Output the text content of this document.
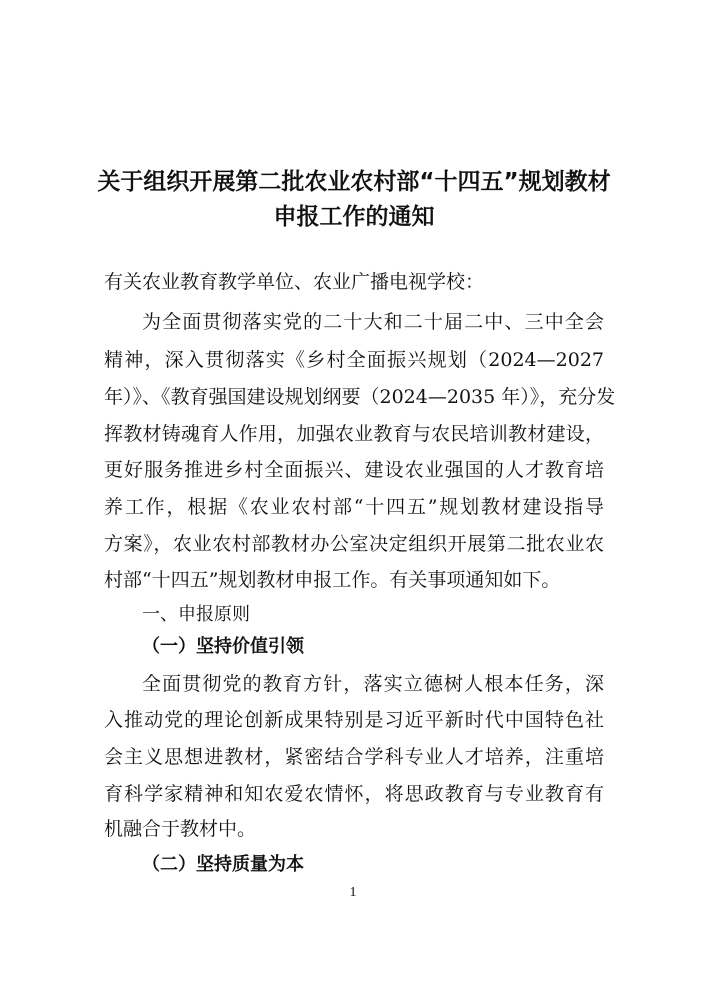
关于组织开展第二批农业农村部“十四五”规划教材
申报工作的通知
有关农业教育教学单位、农业广播电视学校：
为全面贯彻落实党的二十大和二十届二中、三中全会
精神，深入贯彻落实《乡村全面振兴规划（2024—2027
年）》、《教育强国建设规划纲要（2024—2035 年）》，充分发
挥教材铸魂育人作用，加强农业教育与农民培训教材建设，
更好服务推进乡村全面振兴、建设农业强国的人才教育培
养工作，根据《农业农村部“十四五”规划教材建设指导
方案》，农业农村部教材办公室决定组织开展第二批农业农
村部“十四五”规划教材申报工作。有关事项通知如下。
一、申报原则
（一）坚持价值引领
全面贯彻党的教育方针，落实立德树人根本任务，深
入推动党的理论创新成果特别是习近平新时代中国特色社
会主义思想进教材，紧密结合学科专业人才培养，注重培
育科学家精神和知农爱农情怀，将思政教育与专业教育有
机融合于教材中。
（二）坚持质量为本
1
